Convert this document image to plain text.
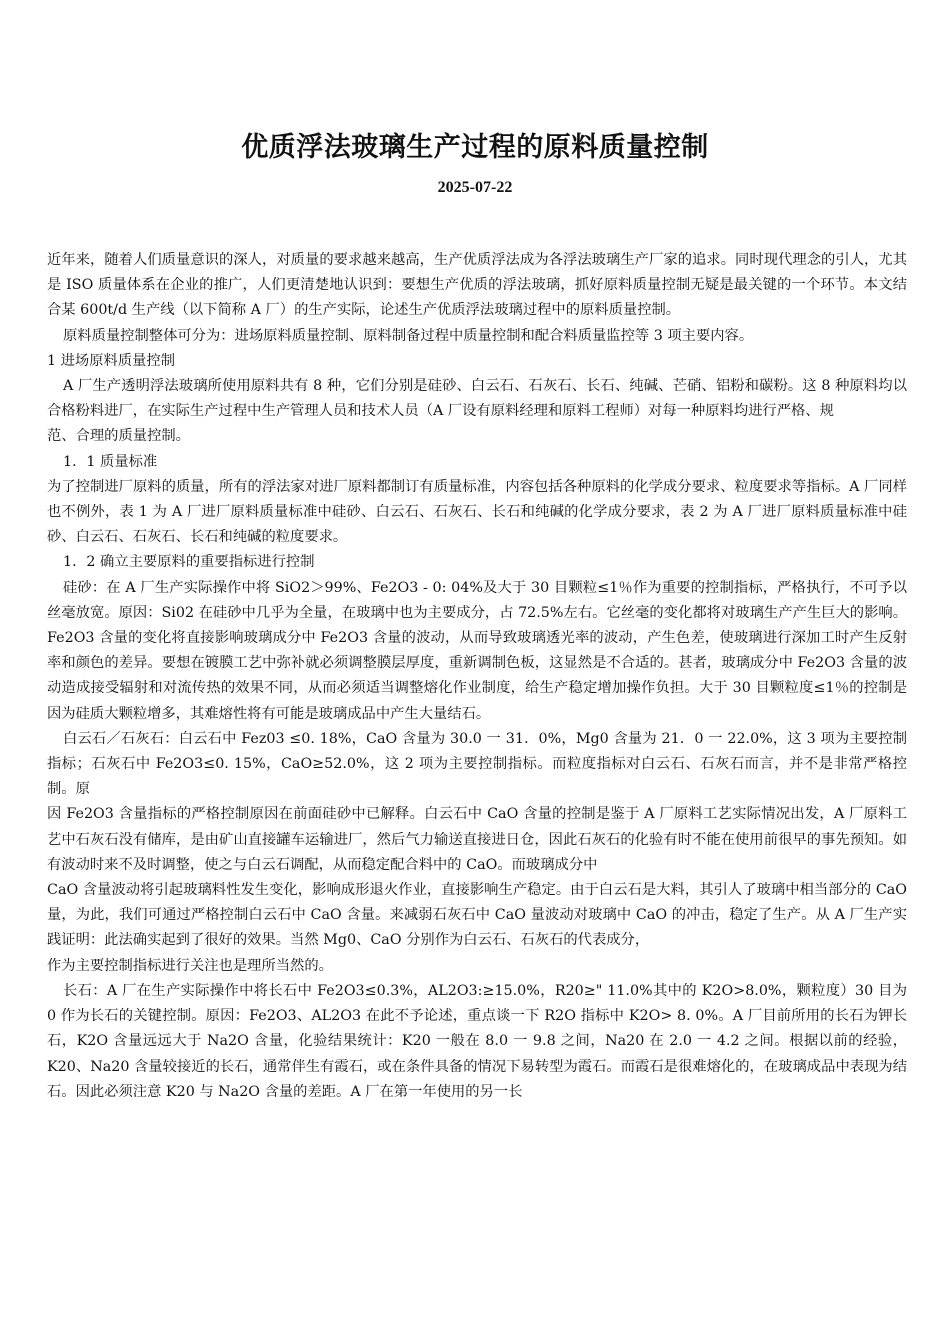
优质浮法玻璃生产过程的原料质量控制
2025-07-22

近年来，随着人们质量意识的深人，对质量的要求越来越高，生产优质浮法成为各浮法玻璃生产厂家的追求。同时现代理念的引人，尤其是 ISO 质量体系在企业的推广，人们更清楚地认识到：要想生产优质的浮法玻璃，抓好原料质量控制无疑是最关键的一个环节。本文结合某 600t/d 生产线（以下简称 A 厂）的生产实际，论述生产优质浮法玻璃过程中的原料质量控制。

原料质量控制整体可分为：进场原料质量控制、原料制备过程中质量控制和配合料质量监控等 3 项主要内容。

1 进场原料质量控制

A 厂生产透明浮法玻璃所使用原料共有 8 种，它们分别是硅砂、白云石、石灰石、长石、纯碱、芒硝、铝粉和碳粉。这 8 种原料均以合格粉料进厂，在实际生产过程中生产管理人员和技术人员（A 厂设有原料经理和原料工程师）对每一种原料均进行严格、规

范、合理的质量控制。

1．1 质量标准

为了控制进厂原料的质量，所有的浮法家对进厂原料都制订有质量标准，内容包括各种原料的化学成分要求、粒度要求等指标。A 厂同样也不例外，表 1 为 A 厂进厂原料质量标准中硅砂、白云石、石灰石、长石和纯碱的化学成分要求，表 2 为 A 厂进厂原料质量标准中硅砂、白云石、石灰石、长石和纯碱的粒度要求。

1．2 确立主要原料的重要指标进行控制

硅砂：在 A 厂生产实际操作中将 SiO2＞99%、Fe2O3 - 0: 04%及大于 30 目颗粒≤1％作为重要的控制指标，严格执行，不可予以丝毫放宽。原因：Si02 在硅砂中几乎为全量，在玻璃中也为主要成分，占 72.5%左右。它丝毫的变化都将对玻璃生产产生巨大的影响。Fe2O3 含量的变化将直接影响玻璃成分中 Fe2O3 含量的波动，从而导致玻璃透光率的波动，产生色差，使玻璃进行深加工时产生反射率和颜色的差异。要想在镀膜工艺中弥补就必须调整膜层厚度，重新调制色板，这显然是不合适的。甚者，玻璃成分中 Fe2O3 含量的波动造成接受辐射和对流传热的效果不同，从而必须适当调整熔化作业制度，给生产稳定增加操作负担。大于 30 目颗粒度≤1％的控制是因为硅质大颗粒增多，其难熔性将有可能是玻璃成品中产生大量结石。

白云石／石灰石：白云石中 Fez03 ≤0. 18%，CaO 含量为 30.0 一 31．0%，Mg0 含量为 21．0 一 22.0%，这 3 项为主要控制指标；石灰石中 Fe2O3≤0. 15%，CaO≥52.0%，这 2 项为主要控制指标。而粒度指标对白云石、石灰石而言，并不是非常严格控制。原

因 Fe2O3 含量指标的严格控制原因在前面硅砂中已解释。白云石中 CaO 含量的控制是鉴于 A 厂原料工艺实际情况出发，A 厂原料工艺中石灰石没有储库，是由矿山直接罐车运输进厂，然后气力输送直接进日仓，因此石灰石的化验有时不能在使用前很早的事先预知。如有波动时来不及时调整，使之与白云石调配，从而稳定配合料中的 CaO。而玻璃成分中

CaO 含量波动将引起玻璃料性发生变化，影响成形退火作业，直接影响生产稳定。由于白云石是大料，其引人了玻璃中相当部分的 CaO 量，为此，我们可通过严格控制白云石中 CaO 含量。来减弱石灰石中 CaO 量波动对玻璃中 CaO 的冲击，稳定了生产。从 A 厂生产实践证明：此法确实起到了很好的效果。当然 Mg0、CaO 分别作为白云石、石灰石的代表成分，

作为主要控制指标进行关注也是理所当然的。

长石：A 厂在生产实际操作中将长石中 Fe2O3≤0.3%，AL2O3:≥15.0%，R20≥" 11.0%其中的 K2O>8.0%，颗粒度）30 目为 0 作为长石的关键控制。原因：Fe2O3、AL2O3 在此不予论述，重点谈一下 R2O 指标中 K2O> 8. 0%。A 厂目前所用的长石为钾长石，K2O 含量远远大于 Na2O 含量，化验结果统计：K20 一般在 8.0 一 9.8 之间，Na20 在 2.0 一 4.2 之间。根据以前的经验，K20、Na20 含量较接近的长石，通常伴生有霞石，或在条件具备的情况下易转型为霞石。而霞石是很难熔化的，在玻璃成品中表现为结石。因此必须注意 K20 与 Na2O 含量的差距。A 厂在第一年使用的另一长
